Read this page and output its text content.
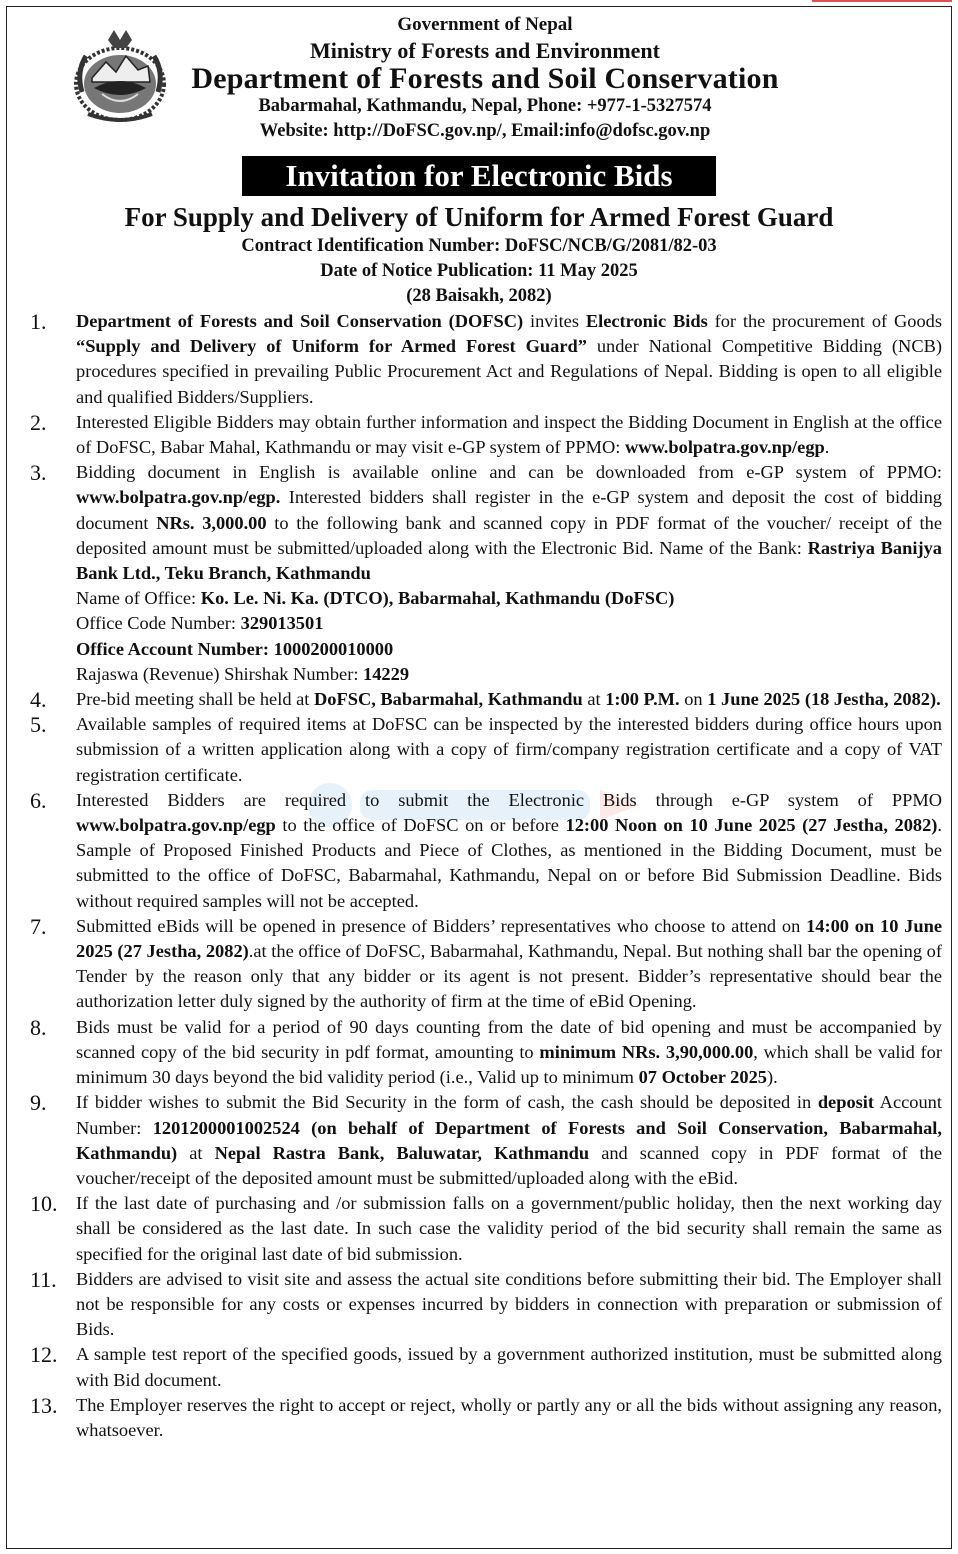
Government of Nepal
Ministry of Forests and Environment
Department of Forests and Soil Conservation
Babarmahal, Kathmandu, Nepal, Phone: +977-1-5327574
Website: http://DoFSC.gov.np/, Email:info@dofsc.gov.np
Invitation for Electronic Bids
For Supply and Delivery of Uniform for Armed Forest Guard
Contract Identification Number: DoFSC/NCB/G/2081/82-03
Date of Notice Publication: 11 May 2025
(28 Baisakh, 2082)
1.	Department of Forests and Soil Conservation (DOFSC) invites Electronic Bids for the procurement of Goods “Supply and Delivery of Uniform for Armed Forest Guard” under National Competitive Bidding (NCB) procedures specified in prevailing Public Procurement Act and Regulations of Nepal. Bidding is open to all eligible and qualified Bidders/Suppliers.
2.	Interested Eligible Bidders may obtain further information and inspect the Bidding Document in English at the office of DoFSC, Babar Mahal, Kathmandu or may visit e-GP system of PPMO: www.bolpatra.gov.np/egp.
3.	Bidding document in English is available online and can be downloaded from e-GP system of PPMO: www.bolpatra.gov.np/egp. Interested bidders shall register in the e-GP system and deposit the cost of bidding document NRs. 3,000.00 to the following bank and scanned copy in PDF format of the voucher/ receipt of the deposited amount must be submitted/uploaded along with the Electronic Bid. Name of the Bank: Rastriya Banijya Bank Ltd., Teku Branch, Kathmandu
Name of Office: Ko. Le. Ni. Ka. (DTCO), Babarmahal, Kathmandu (DoFSC)
Office Code Number: 329013501
Office Account Number: 1000200010000
Rajaswa (Revenue) Shirshak Number: 14229
4.	Pre-bid meeting shall be held at DoFSC, Babarmahal, Kathmandu at 1:00 P.M. on 1 June 2025 (18 Jestha, 2082).
5.	Available samples of required items at DoFSC can be inspected by the interested bidders during office hours upon submission of a written application along with a copy of firm/company registration certificate and a copy of VAT registration certificate.
6.	Interested Bidders are required to submit the Electronic Bids through e-GP system of PPMO www.bolpatra.gov.np/egp to the office of DoFSC on or before 12:00 Noon on 10 June 2025 (27 Jestha, 2082). Sample of Proposed Finished Products and Piece of Clothes, as mentioned in the Bidding Document, must be submitted to the office of DoFSC, Babarmahal, Kathmandu, Nepal on or before Bid Submission Deadline. Bids without required samples will not be accepted.
7.	Submitted eBids will be opened in presence of Bidders’ representatives who choose to attend on 14:00 on 10 June 2025 (27 Jestha, 2082).at the office of DoFSC, Babarmahal, Kathmandu, Nepal. But nothing shall bar the opening of Tender by the reason only that any bidder or its agent is not present. Bidder’s representative should bear the authorization letter duly signed by the authority of firm at the time of eBid Opening.
8.	Bids must be valid for a period of 90 days counting from the date of bid opening and must be accompanied by scanned copy of the bid security in pdf format, amounting to minimum NRs. 3,90,000.00, which shall be valid for minimum 30 days beyond the bid validity period (i.e., Valid up to minimum 07 October 2025).
9.	If bidder wishes to submit the Bid Security in the form of cash, the cash should be deposited in deposit Account Number: 1201200001002524 (on behalf of Department of Forests and Soil Conservation, Babarmahal, Kathmandu) at Nepal Rastra Bank, Baluwatar, Kathmandu and scanned copy in PDF format of the voucher/receipt of the deposited amount must be submitted/uploaded along with the eBid.
10.	If the last date of purchasing and /or submission falls on a government/public holiday, then the next working day shall be considered as the last date. In such case the validity period of the bid security shall remain the same as specified for the original last date of bid submission.
11.	Bidders are advised to visit site and assess the actual site conditions before submitting their bid. The Employer shall not be responsible for any costs or expenses incurred by bidders in connection with preparation or submission of Bids.
12.	A sample test report of the specified goods, issued by a government authorized institution, must be submitted along with Bid document.
13.	The Employer reserves the right to accept or reject, wholly or partly any or all the bids without assigning any reason, whatsoever.
